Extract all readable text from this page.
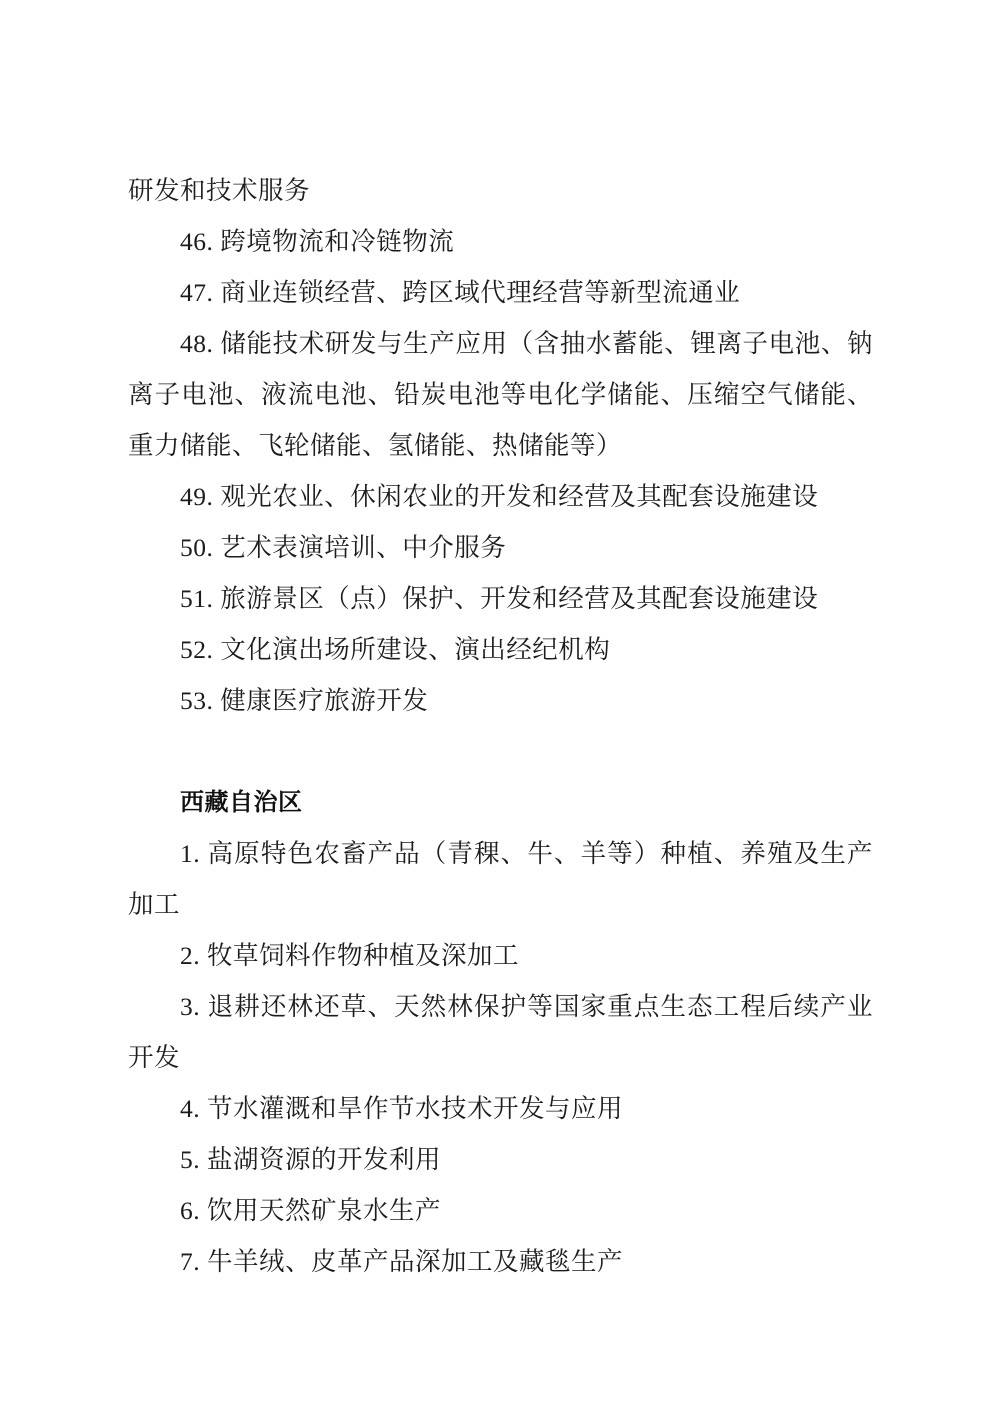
研发和技术服务

46. 跨境物流和冷链物流

47. 商业连锁经营、跨区域代理经营等新型流通业

48. 储能技术研发与生产应用（含抽水蓄能、锂离子电池、钠离子电池、液流电池、铅炭电池等电化学储能、压缩空气储能、重力储能、飞轮储能、氢储能、热储能等）

49. 观光农业、休闲农业的开发和经营及其配套设施建设

50. 艺术表演培训、中介服务

51. 旅游景区（点）保护、开发和经营及其配套设施建设

52. 文化演出场所建设、演出经纪机构

53. 健康医疗旅游开发

西藏自治区

1. 高原特色农畜产品（青稞、牛、羊等）种植、养殖及生产加工

2. 牧草饲料作物种植及深加工

3. 退耕还林还草、天然林保护等国家重点生态工程后续产业开发

4. 节水灌溉和旱作节水技术开发与应用

5. 盐湖资源的开发利用

6. 饮用天然矿泉水生产

7. 牛羊绒、皮革产品深加工及藏毯生产
